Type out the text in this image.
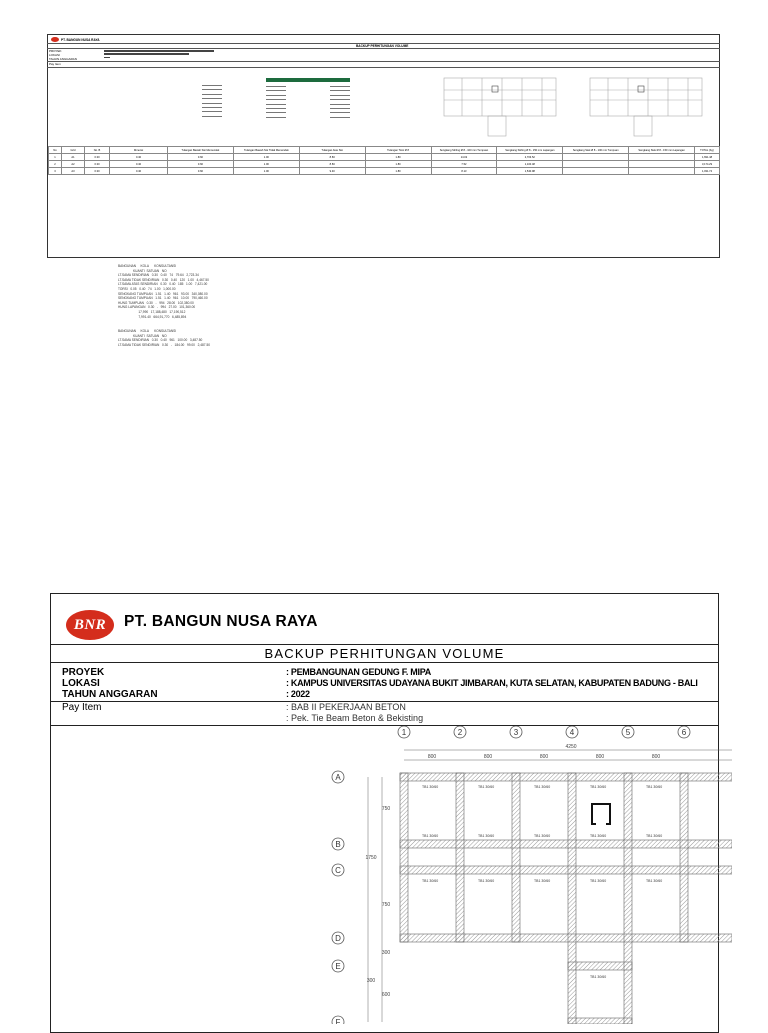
PT. BANGUN NUSA RAYA
BACKUP PERHITUNGAN VOLUME
PROYEK
LOKASI
TAHUN ANGGARAN
Pay Item
No	Grid	No. B	Dimensi	Tulangan Bawah Sisi Memendek	Tulangan Bawah Sisi Tidak Memendek	Tulangan Atas Sisi	Tulangan Torsi Ø 8	Sengkang Stirling Ø 8 - 100 mm Tumpuan	Sengkang Stirling Ø 8 - 150 mm Lapangan	Sengkang Stek Ø 8 - 100 mm Tumpuan	Sengkang Stek Ø 8 - 150 mm Lapangan	TOTAL (Kg)
1	A1	0.30	0.40	0.60	1.00	8.83	1.80	14.02	2,703.52			1,691.48
2	A2	0.30	0.40	0.60	1.00	8.83	1.80	7.52	1,100.48			3,174.29
3	A3	0.30	0.40	0.60	1.00	9.40	1.80	8.13	1,540.98			1,031.74
BANGUNAN     KOLA      KONSULTANSI
KUANTI  SATUAN   NO
LT.SAMA SENDIRIAN   0.30   0.40   74   79.64   2,723.34
LT.SAMA TIDAK SENDIRIAN   0.30   0.40   120   1.00   4,467.50
LT.SAMA ATAS SENDIRIAN   0.30   0.40   185   1.00   7,421.00
TORSI   0.05   0.40   74   1.00   1,000.00
SENGKANG TUMPUAN   1.51   1.40   961   93.00   340,080.00
SENGKANG TUMPUAN   1.51   1.40   961   10.00   790,460.00
HUNG TUMPUAN   0.30   -   994   28.00   102,380.00
HUNG LAPANGAN   0.30   -   994   27.00   101,360.00
17,990   17,188,480   17,190,512
7,991.40   664,91,770   6,485,894
BANGUNAN     KOLA      KONSULTANSI
KUANTI  SATUAN   NO
LT.SAMA SENDIRIAN   0.30   0.40   961   100.00   3,487.50
LT.SAMA TIDAK SENDIRIAN   0.30   -   184.00   99.00   2,487.50
BNR	PT. BANGUN NUSA RAYA
BACKUP PERHITUNGAN VOLUME
PROYEK	: PEMBANGUNAN GEDUNG F. MIPA
LOKASI	: KAMPUS UNIVERSITAS UDAYANA BUKIT JIMBARAN, KUTA SELATAN, KABUPATEN BADUNG - BALI
TAHUN ANGGARAN	: 2022
Pay Item	: BAB II PEKERJAAN BETON
: Pek. Tie Beam Beton & Bekisting
1	2	3	4	5	6
A
B
C
D
E
F
4250
800	800	800	800	800
750
1750
750
300
300
600
TB1 30/60	TB1 30/60	TB1 30/60	TB1 30/60	TB1 30/60
TB1 30/60	TB1 30/60	TB1 30/60	TB1 30/60	TB1 30/60
TB1 30/60	TB1 30/60	TB1 30/60	TB1 30/60	TB1 30/60
TB1 30/60
